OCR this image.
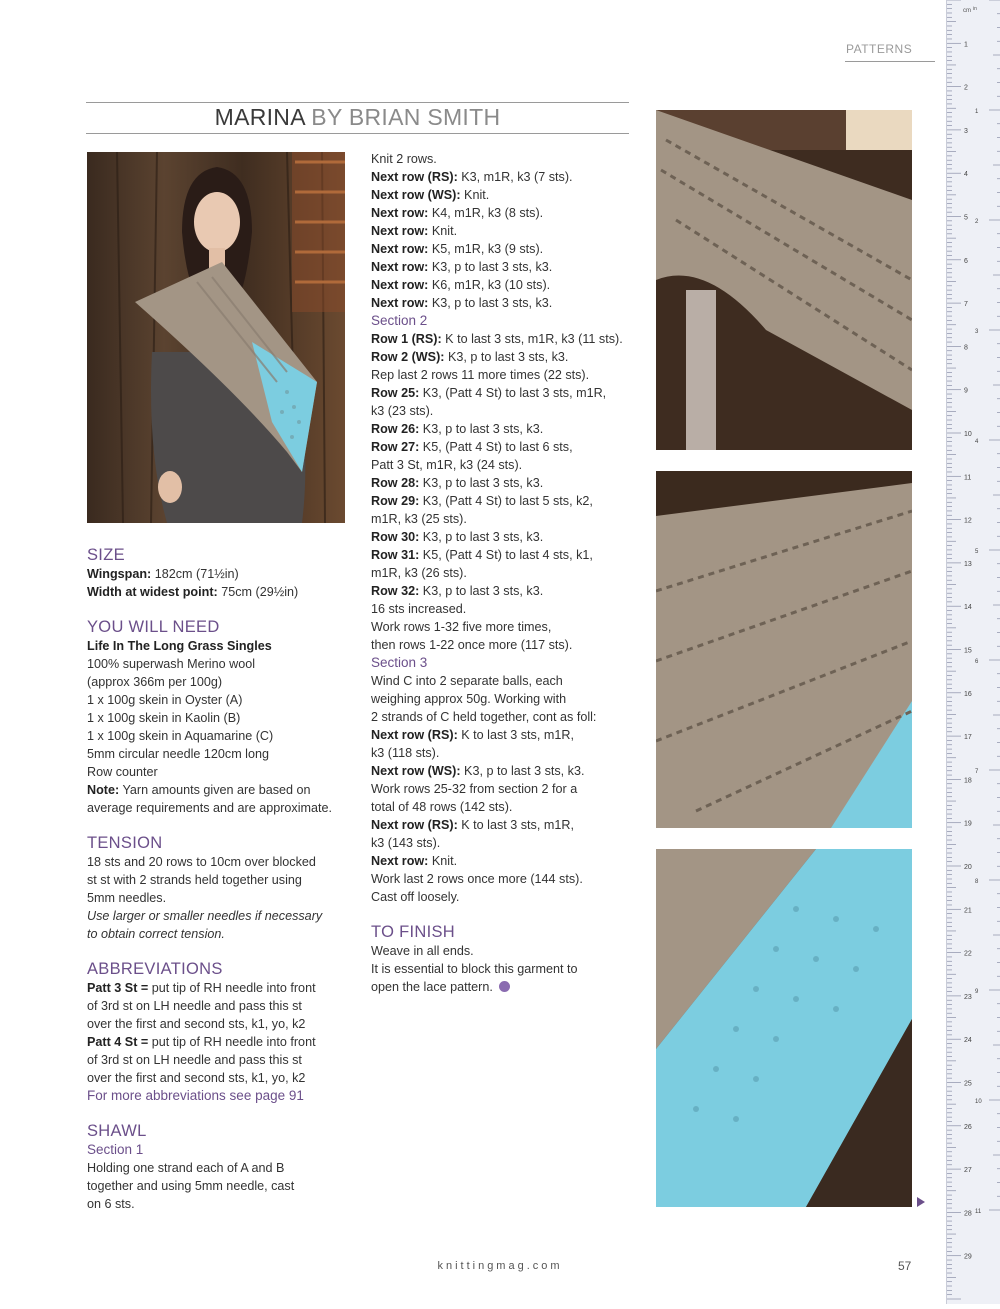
PATTERNS
MARINA BY BRIAN SMITH
SIZE

Wingspan: 182cm (71½in)

Width at widest point: 75cm (29½in)

YOU WILL NEED

Life In The Long Grass Singles

100% superwash Merino wool

(approx 366m per 100g)

1 x 100g skein in Oyster (A)

1 x 100g skein in Kaolin (B)

1 x 100g skein in Aquamarine (C)

5mm circular needle 120cm long

Row counter

Note: Yarn amounts given are based on

average requirements and are approximate.

TENSION

18 sts and 20 rows to 10cm over blocked

st st with 2 strands held together using

5mm needles.

Use larger or smaller needles if necessary

to obtain correct tension.

ABBREVIATIONS

Patt 3 St = put tip of RH needle into front

of 3rd st on LH needle and pass this st

over the first and second sts, k1, yo, k2

Patt 4 St = put tip of RH needle into front

of 3rd st on LH needle and pass this st

over the first and second sts, k1, yo, k2

For more abbreviations see page 91

SHAWL
Section 1

Holding one strand each of A and B

together and using 5mm needle, cast

on 6 sts.

Knit 2 rows.

Next row (RS): K3, m1R, k3 (7 sts).

Next row (WS): Knit.

Next row: K4, m1R, k3 (8 sts).

Next row: Knit.

Next row: K5, m1R, k3 (9 sts).

Next row: K3, p to last 3 sts, k3.

Next row: K6, m1R, k3 (10 sts).

Next row: K3, p to last 3 sts, k3.

Section 2

Row 1 (RS): K to last 3 sts, m1R, k3 (11 sts).

Row 2 (WS): K3, p to last 3 sts, k3.

Rep last 2 rows 11 more times (22 sts).

Row 25: K3, (Patt 4 St) to last 3 sts, m1R,

k3 (23 sts).

Row 26: K3, p to last 3 sts, k3.

Row 27: K5, (Patt 4 St) to last 6 sts,

Patt 3 St, m1R, k3 (24 sts).

Row 28: K3, p to last 3 sts, k3.

Row 29: K3, (Patt 4 St) to last 5 sts, k2,

m1R, k3 (25 sts).

Row 30: K3, p to last 3 sts, k3.

Row 31: K5, (Patt 4 St) to last 4 sts, k1,

m1R, k3 (26 sts).

Row 32: K3, p to last 3 sts, k3.

16 sts increased.

Work rows 1-32 five more times,

then rows 1-22 once more (117 sts).

Section 3

Wind C into 2 separate balls, each

weighing approx 50g. Working with

2 strands of C held together, cont as foll:

Next row (RS): K to last 3 sts, m1R,

k3 (118 sts).

Next row (WS): K3, p to last 3 sts, k3.

Work rows 25-32 from section 2 for a

total of 48 rows (142 sts).

Next row (RS): K to last 3 sts, m1R,

k3 (143 sts).

Next row: Knit.

Work last 2 rows once more (144 sts).

Cast off loosely.

TO FINISH

Weave in all ends.

It is essential to block this garment to

open the lace pattern.

knittingmag.com	57
cm
1
2
3
4
5
6
7
8
9
10
11
12
13
14
15
16
17
18
19
20
21
22
23
24
25
26
27
28
29
in
1
2
3
4
5
6
7
8
9
10
11
